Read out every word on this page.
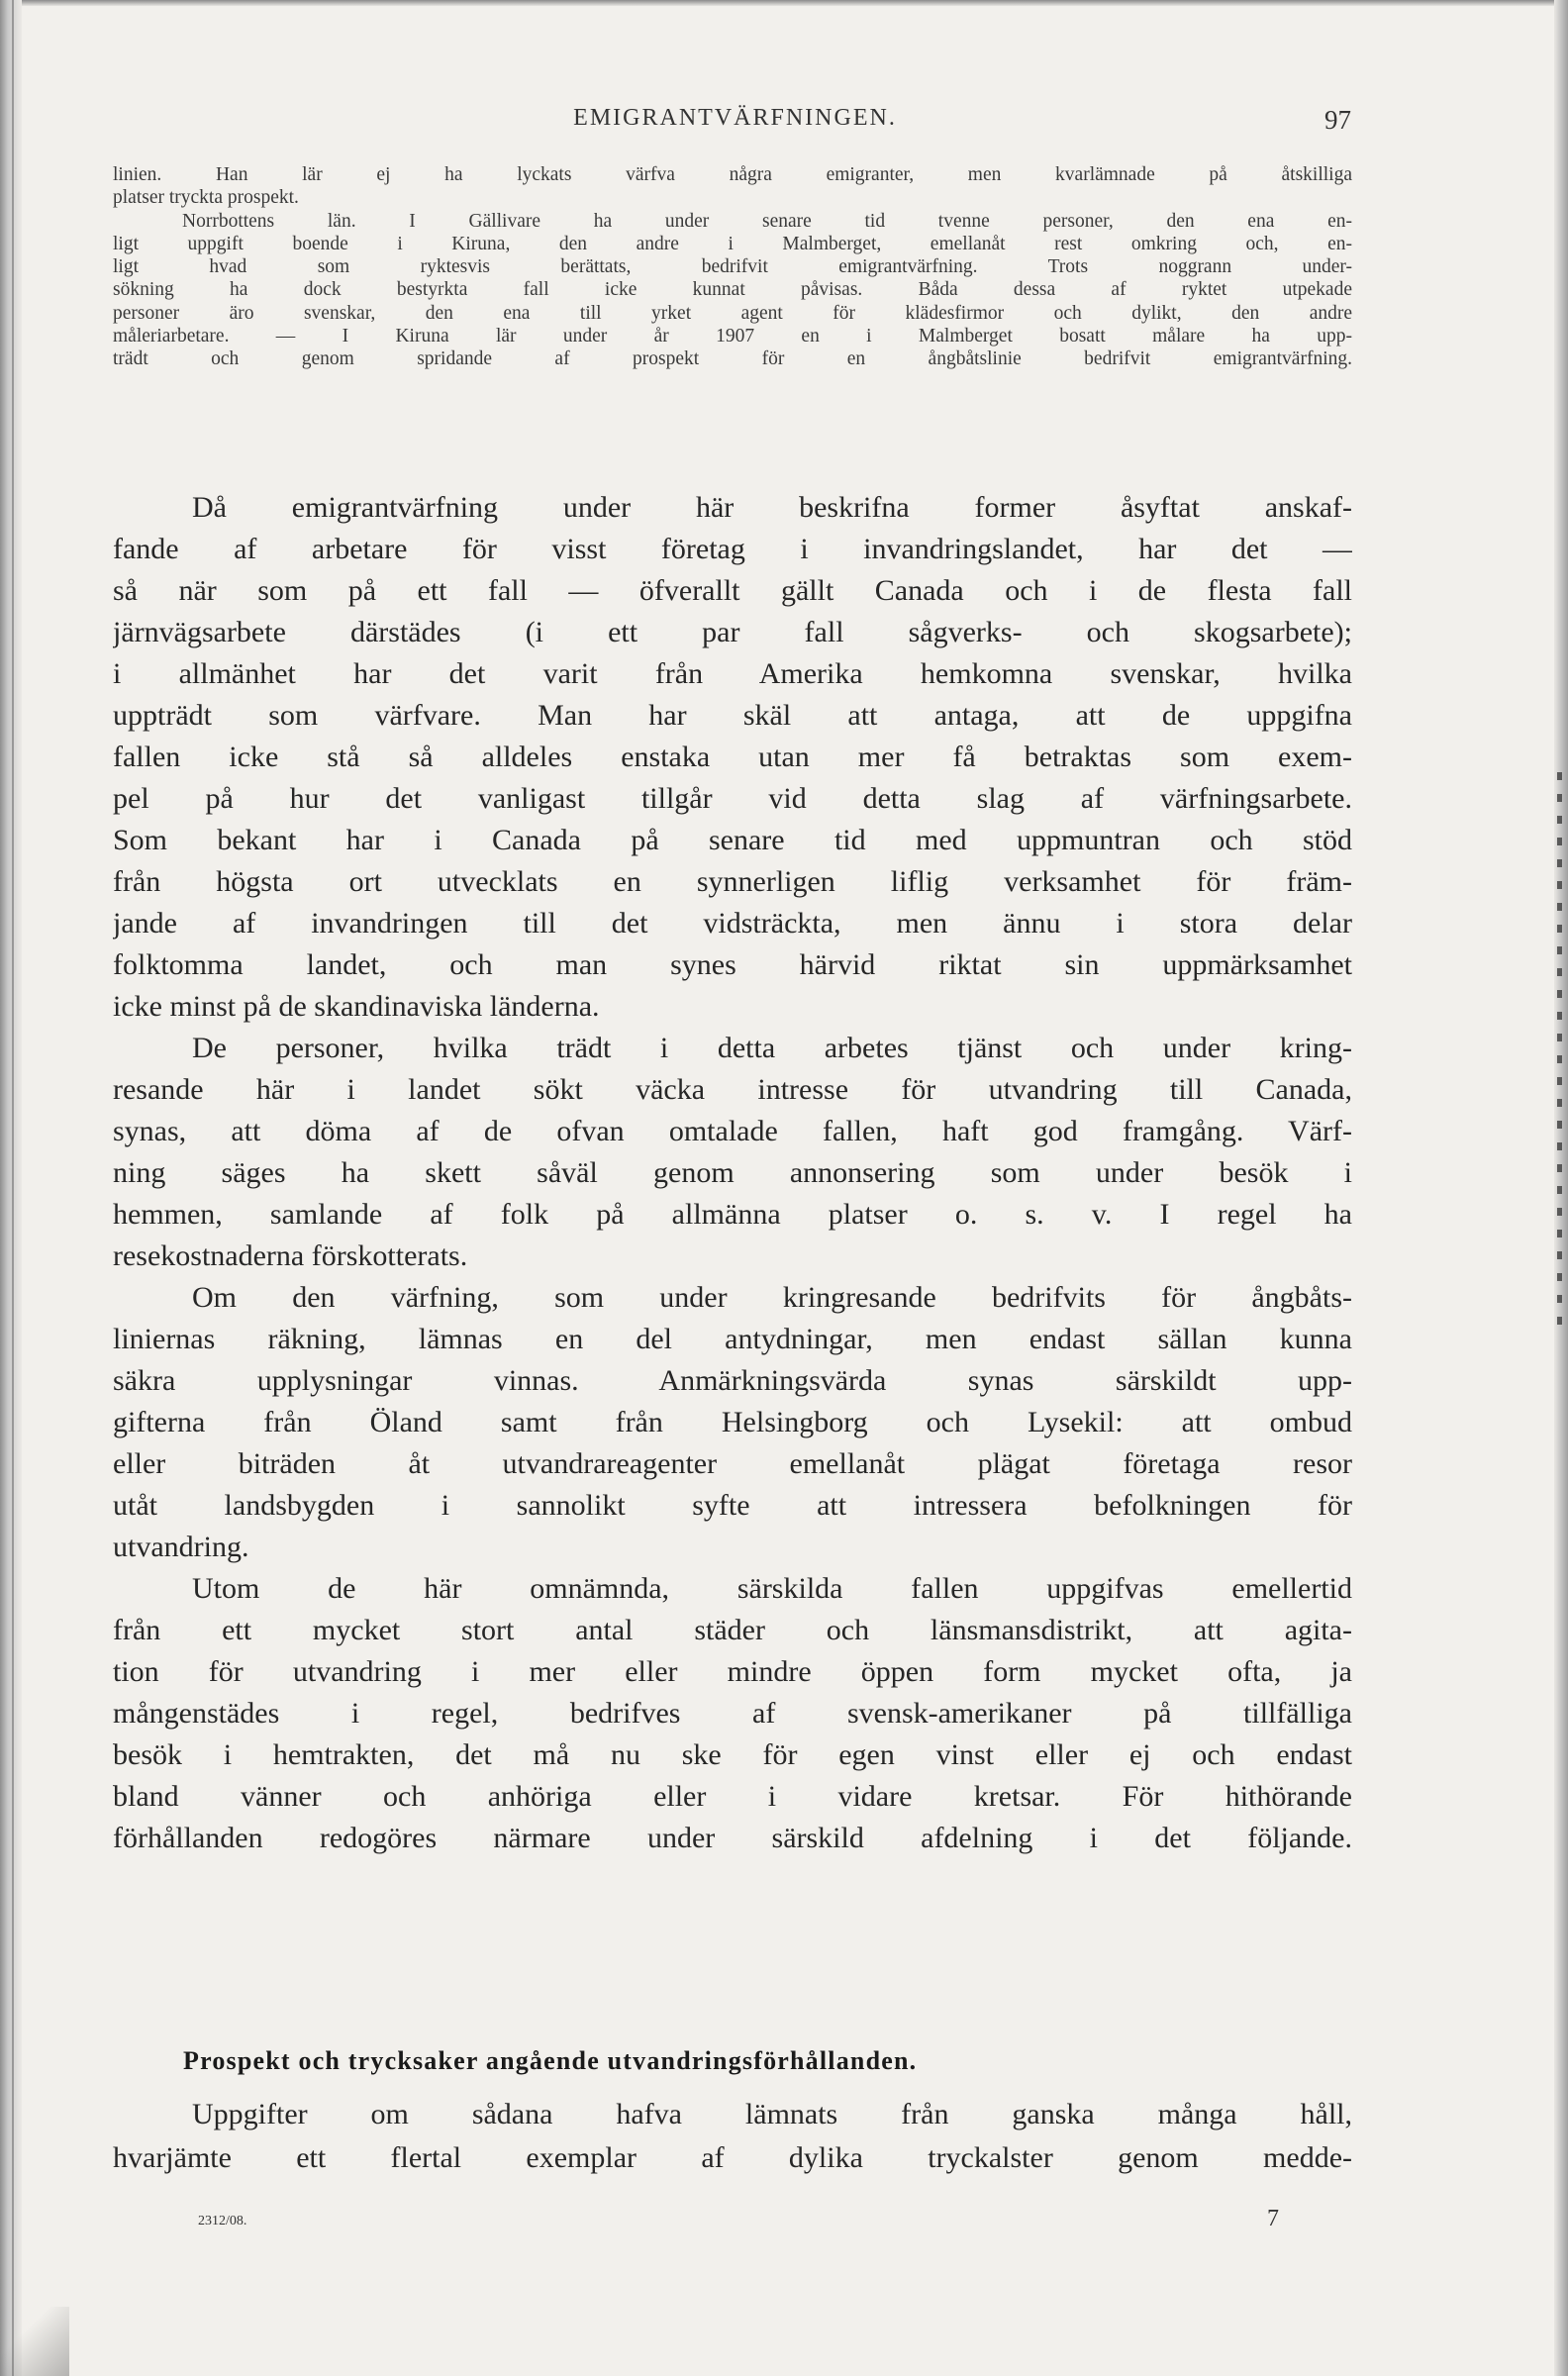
EMIGRANTVÄRFNINGEN.	97
linien. Han lär ej ha lyckats värfva några emigranter, men kvarlämnade på åtskilliga
platser tryckta prospekt.
Norrbottens län. I Gällivare ha under senare tid tvenne personer, den ena en-
ligt uppgift boende i Kiruna, den andre i Malmberget, emellanåt rest omkring och, en-
ligt hvad som ryktesvis berättats, bedrifvit emigrantvärfning. Trots noggrann under-
sökning ha dock bestyrkta fall icke kunnat påvisas. Båda dessa af ryktet utpekade
personer äro svenskar, den ena till yrket agent för klädesfirmor och dylikt, den andre
måleriarbetare. — I Kiruna lär under år 1907 en i Malmberget bosatt målare ha upp-
trädt och genom spridande af prospekt för en ångbåtslinie bedrifvit emigrantvärfning.
Då emigrantvärfning under här beskrifna former åsyftat anskaf-
fande af arbetare för visst företag i invandringslandet, har det —
så när som på ett fall — öfverallt gällt Canada och i de flesta fall
järnvägsarbete därstädes (i ett par fall sågverks- och skogsarbete);
i allmänhet har det varit från Amerika hemkomna svenskar, hvilka
uppträdt som värfvare. Man har skäl att antaga, att de uppgifna
fallen icke stå så alldeles enstaka utan mer få betraktas som exem-
pel på hur det vanligast tillgår vid detta slag af värfningsarbete.
Som bekant har i Canada på senare tid med uppmuntran och stöd
från högsta ort utvecklats en synnerligen liflig verksamhet för främ-
jande af invandringen till det vidsträckta, men ännu i stora delar
folktomma landet, och man synes härvid riktat sin uppmärksamhet
icke minst på de skandinaviska länderna.
De personer, hvilka trädt i detta arbetes tjänst och under kring-
resande här i landet sökt väcka intresse för utvandring till Canada,
synas, att döma af de ofvan omtalade fallen, haft god framgång. Värf-
ning säges ha skett såväl genom annonsering som under besök i
hemmen, samlande af folk på allmänna platser o. s. v. I regel ha
resekostnaderna förskotterats.
Om den värfning, som under kringresande bedrifvits för ångbåts-
liniernas räkning, lämnas en del antydningar, men endast sällan kunna
säkra upplysningar vinnas. Anmärkningsvärda synas särskildt upp-
gifterna från Öland samt från Helsingborg och Lysekil: att ombud
eller biträden åt utvandrareagenter emellanåt plägat företaga resor
utåt landsbygden i sannolikt syfte att intressera befolkningen för
utvandring.
Utom de här omnämnda, särskilda fallen uppgifvas emellertid
från ett mycket stort antal städer och länsmansdistrikt, att agita-
tion för utvandring i mer eller mindre öppen form mycket ofta, ja
mångenstädes i regel, bedrifves af svensk-amerikaner på tillfälliga
besök i hemtrakten, det må nu ske för egen vinst eller ej och endast
bland vänner och anhöriga eller i vidare kretsar. För hithörande
förhållanden redogöres närmare under särskild afdelning i det följande.
Prospekt och trycksaker angående utvandringsförhållanden.
Uppgifter om sådana hafva lämnats från ganska många håll,
hvarjämte ett flertal exemplar af dylika tryckalster genom medde-
2312/08.	7
